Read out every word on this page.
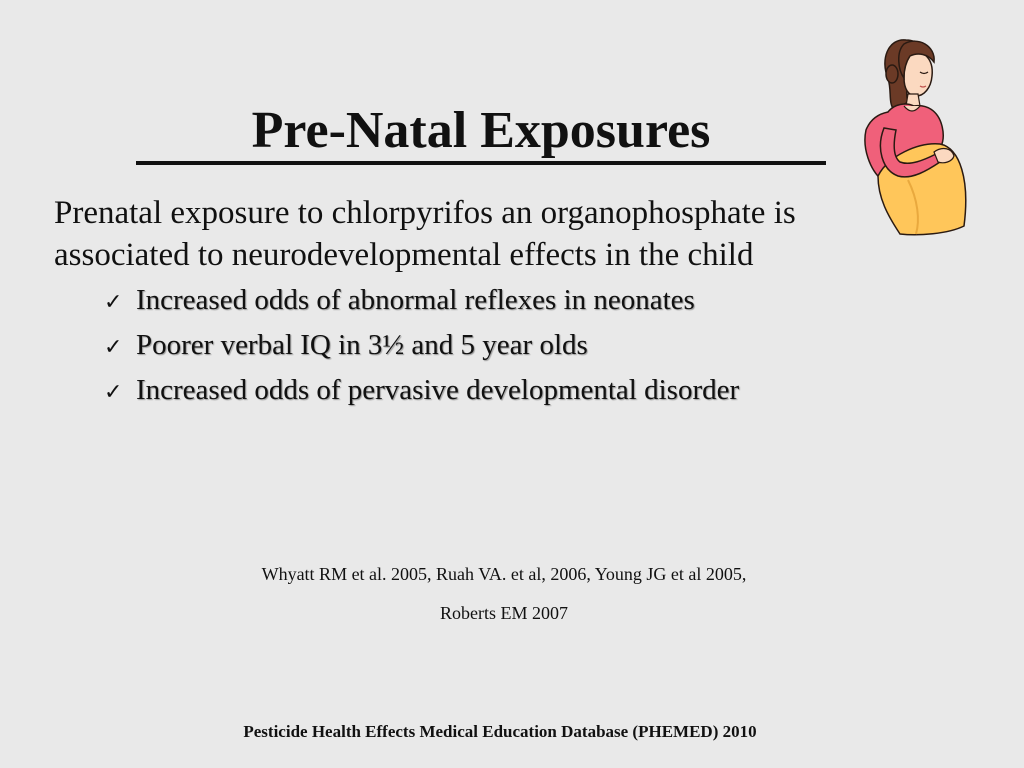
Pre-Natal Exposures
Prenatal exposure to chlorpyrifos an organophosphate is
associated to neurodevelopmental effects in the child
✓ Increased odds of abnormal reflexes in neonates
✓ Poorer verbal IQ in 3½ and 5 year olds
✓ Increased odds of pervasive developmental disorder

Whyatt RM et al. 2005, Ruah VA. et al, 2006, Young JG et al 2005,

Roberts EM 2007

Pesticide Health Effects Medical Education Database (PHEMED) 2010
